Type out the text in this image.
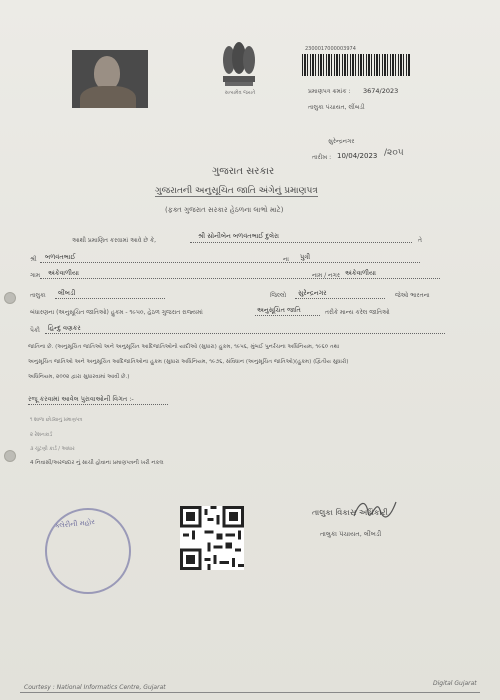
સત્યમેવ જયતે
2300017000003974
પ્રમાણપત્ર ક્રમાંક : 3674/2023
તાલુકા પંચાયત, લીંબડી
સુરેન્દ્રનગર
તારીખ : 10/04/2023 /૨૦૫
ગુજરાત સરકાર
ગુજરાતની અનુસૂચિત જાતિ અંગેનું પ્રમાણપત્ર
(ફક્ત ગુજરાત સરકાર હેઠળના લાભો માટે)
આથી પ્રમાણિત કરવામાં આવે છે કે,
શ્રી સોનીબેન બળવંતભાઈ દુલેરા
તે
શ્રી બળવંતભાઈ	ના પુત્રી
ગામ અંકેવાળીયા	નામ / નગર અંકેવાળીયા
તાલુકા લીંબડી	જિલ્લો સુરેન્દ્રનગર	જેઓ ભારતના
બંધારણના (અનુસૂચિત જાતિઓ) હુકમ - ૧૯૫૦, હેઠળ ગુજરાત રાજ્યમાં	અનુસૂચિત જાતિ	તરીકે માન્ય કરેલ જાતિઓ
પૈકી હિન્દુ વણકર
જાતિના છે. (અનુસૂચિત જાતિઓ અને અનુસૂચિત આદિજાતિઓનો યાદીઓ (સુધારા) હુકમ, ૧૯૫૬, મુંબઈ પુનર્રચના અધિનિયમ, ૧૯૬૦ તથા
અનુસૂચિત જાતિઓ અને અનુસૂચિત આદિજાતિઓના હુકમ (સુધારા અધિનિયમ, ૧૯૭૬, સંવિધાન (અનુસૂચિત જાતિઓ)(હુકમ) (દ્વિતીય સુધારો)
અધિનિયમ, ૨૦૦૨ દ્વારા સુધારવામાં આવી છે.)
રજૂ કરવામાં આવેલ પુરાવાઓની વિગત :-
૧ શાળા છોડ્યાનું પ્રમાણપત્ર
૨ રેશનકાર્ડ
૩ ચૂંટણી કાર્ડ / આધાર
4 નિવાસી/અરજદાર નું સાચી હોવાના પ્રમાણપત્રની ખરી નકલ
ક્લેરીની મહોર
તાલુકા વિકાસ અધિકારી
તાલુકા પંચાયત, લીંબડી
Courtesy : National Informatics Centre, Gujarat
Digital Gujarat
